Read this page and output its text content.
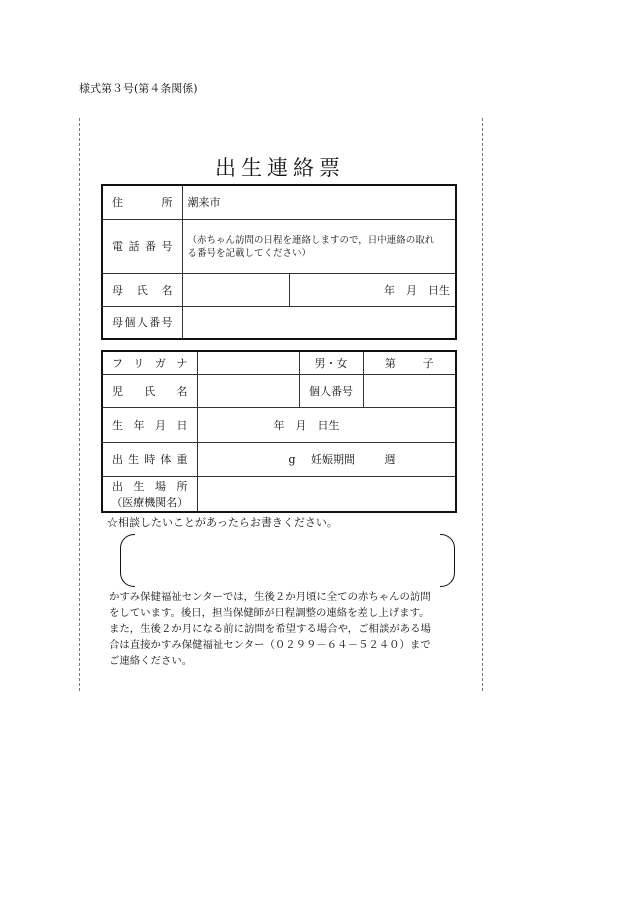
様式第３号(第４条関係)
出生連絡票
住所	潮来市	
電話番号	（赤ちゃん訪問の日程を連絡しますので，日中連絡の取れ
る番号を記載してください）	

母氏名		年　月　日生
母個人番号		
フリガナ		男・女	第 子

児氏名		個人番号	
生年月日	年　月　日生		
出生時体重	g 妊娠期間 週		

出生場所
（医療機関名）			

☆相談したいことがあったらお書きください。
かすみ保健福祉センターでは，生後２か月頃に全ての赤ちゃんの訪問
をしています。後日，担当保健師が日程調整の連絡を差し上げます。
また，生後２か月になる前に訪問を希望する場合や，ご相談がある場
合は直接かすみ保健福祉センター（０２９９－６４－５２４０）まで
ご連絡ください。
